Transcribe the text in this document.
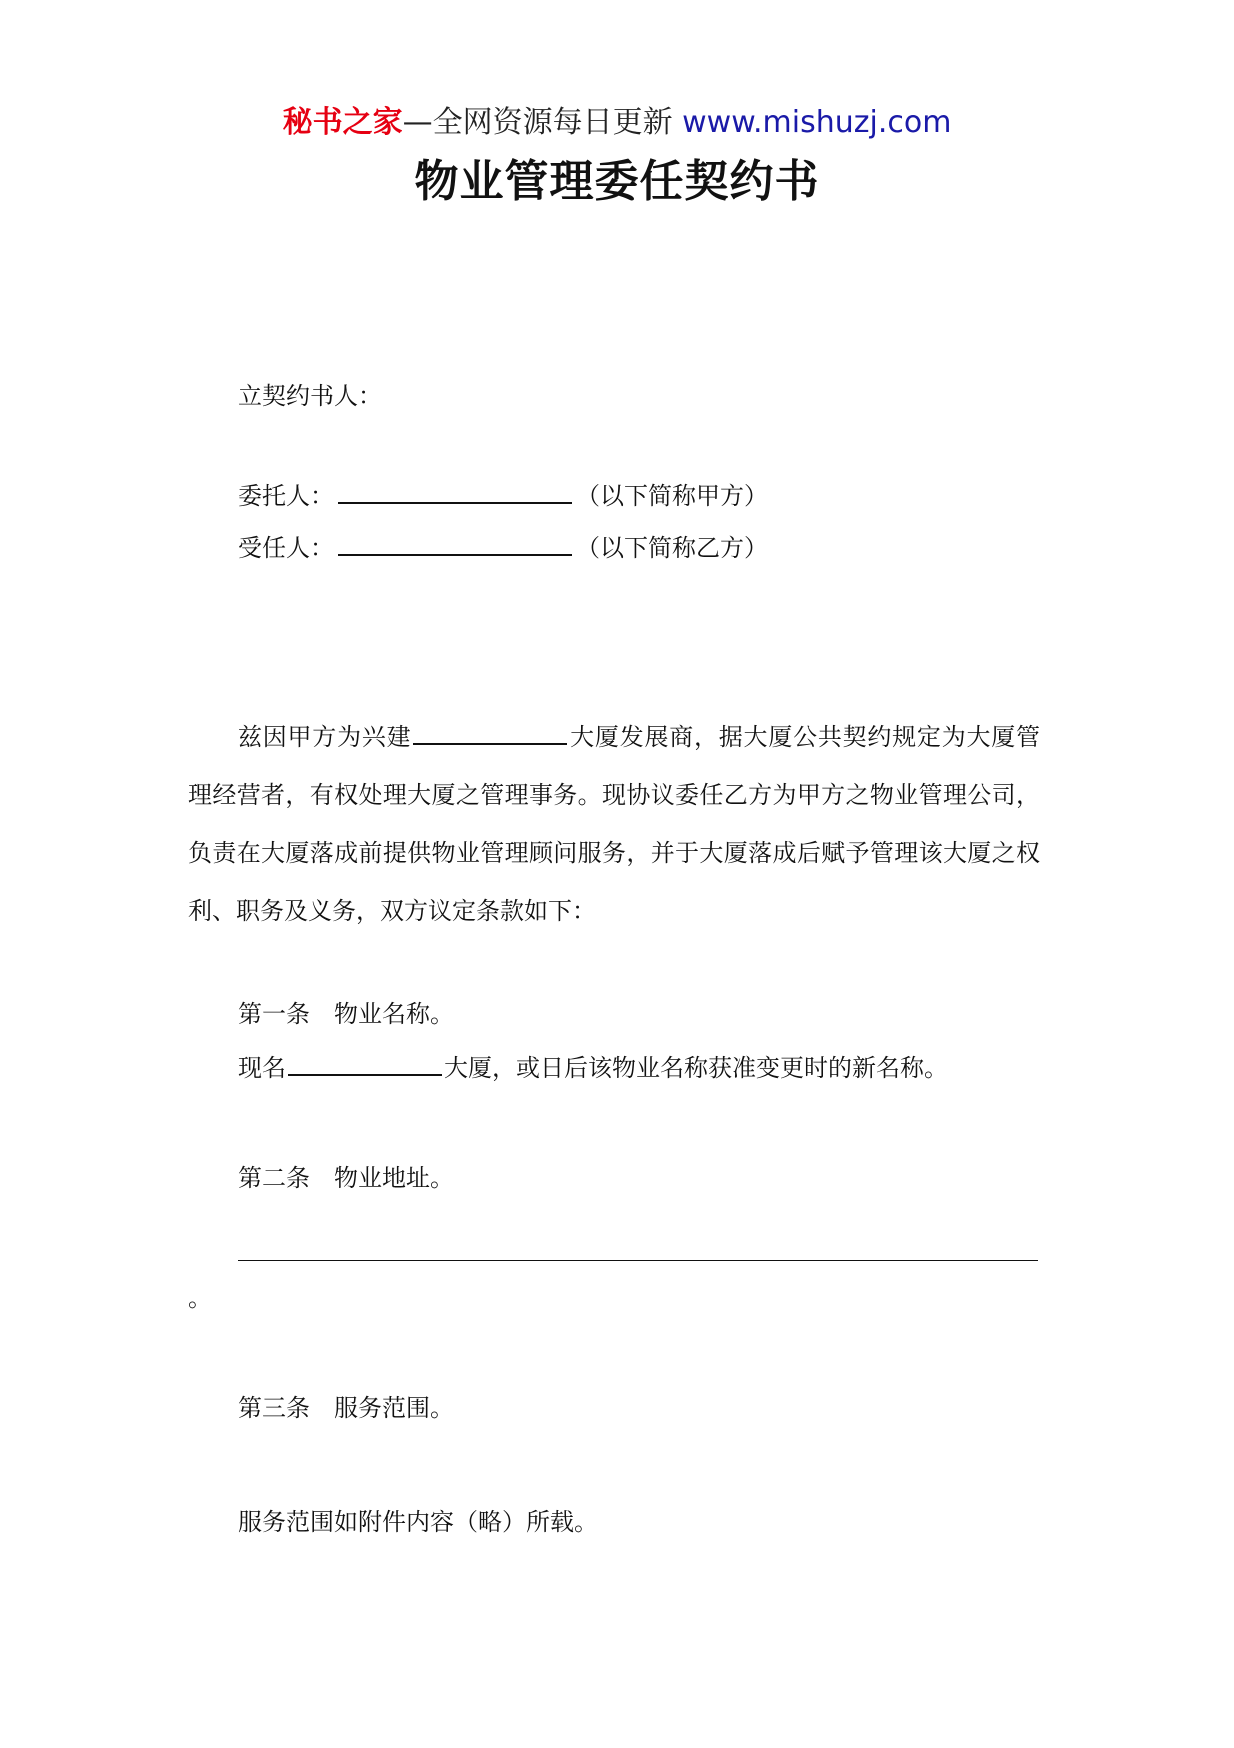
秘书之家—全网资源每日更新 www.mishuzj.com
物业管理委任契约书
立契约书人：
委托人：	（以下简称甲方）
受任人：	（以下简称乙方）
兹因甲方为兴建	大厦发展商，据大厦公共契约规定为大厦管理经营者，有权处理大厦之管理事务。现协议委任乙方为甲方之物业管理公司，负责在大厦落成前提供物业管理顾问服务，并于大厦落成后赋予管理该大厦之权利、职务及义务，双方议定条款如下：
第一条　物业名称。
现名	大厦，或日后该物业名称获准变更时的新名称。
第二条　物业地址。
。
第三条　服务范围。
服务范围如附件内容（略）所载。
